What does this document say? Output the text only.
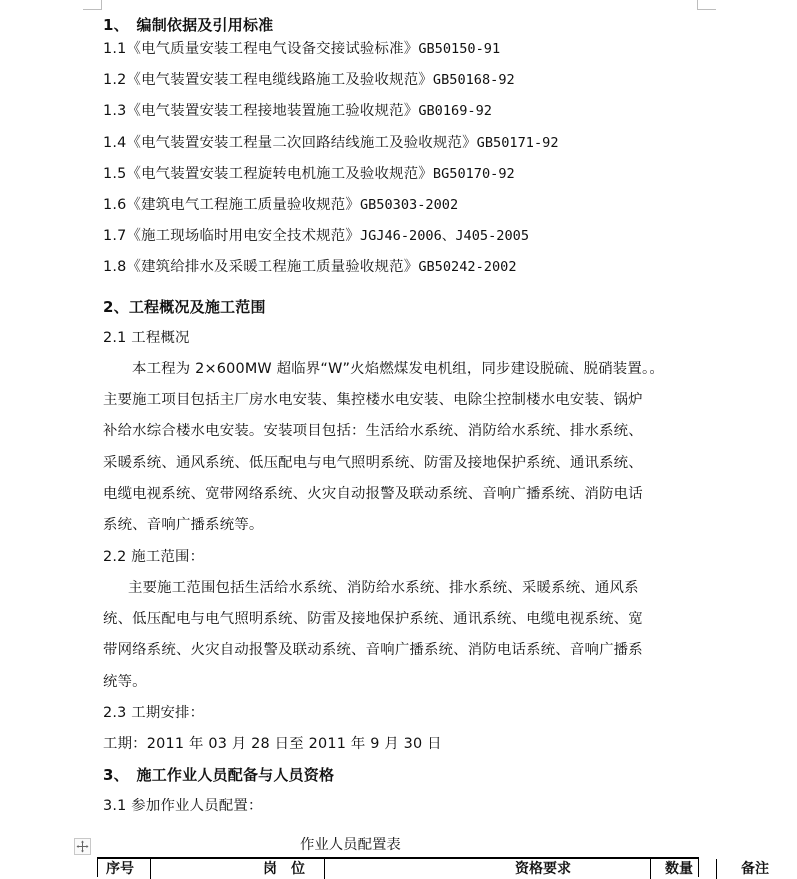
1、　编制依据及引用标准
1.1《电气质量安装工程电气设备交接试验标准》GB50150-91
1.2《电气装置安装工程电缆线路施工及验收规范》GB50168-92
1.3《电气装置安装工程接地装置施工验收规范》GB0169-92
1.4《电气装置安装工程量二次回路结线施工及验收规范》GB50171-92
1.5《电气装置安装工程旋转电机施工及验收规范》BG50170-92
1.6《建筑电气工程施工质量验收规范》GB50303-2002
1.7《施工现场临时用电安全技术规范》JGJ46-2006、J405-2005
1.8《建筑给排水及采暖工程施工质量验收规范》GB50242-2002
2、工程概况及施工范围
2.1 工程概况
本工程为 2×600MW 超临界“W”火焰燃煤发电机组，同步建设脱硫、脱硝装置。。
主要施工项目包括主厂房水电安装、集控楼水电安装、电除尘控制楼水电安装、锅炉
补给水综合楼水电安装。安装项目包括：生活给水系统、消防给水系统、排水系统、
采暖系统、通风系统、低压配电与电气照明系统、防雷及接地保护系统、通讯系统、
电缆电视系统、宽带网络系统、火灾自动报警及联动系统、音响广播系统、消防电话
系统、音响广播系统等。
2.2 施工范围：
主要施工范围包括生活给水系统、消防给水系统、排水系统、采暖系统、通风系
统、低压配电与电气照明系统、防雷及接地保护系统、通讯系统、电缆电视系统、宽
带网络系统、火灾自动报警及联动系统、音响广播系统、消防电话系统、音响广播系
统等。
2.3 工期安排：
工期：2011 年 03 月 28 日至 2011 年 9 月 30 日
3、　施工作业人员配备与人员资格
3.1 参加作业人员配置：
作业人员配置表
序号	岗　位	资格要求	数量	备注
